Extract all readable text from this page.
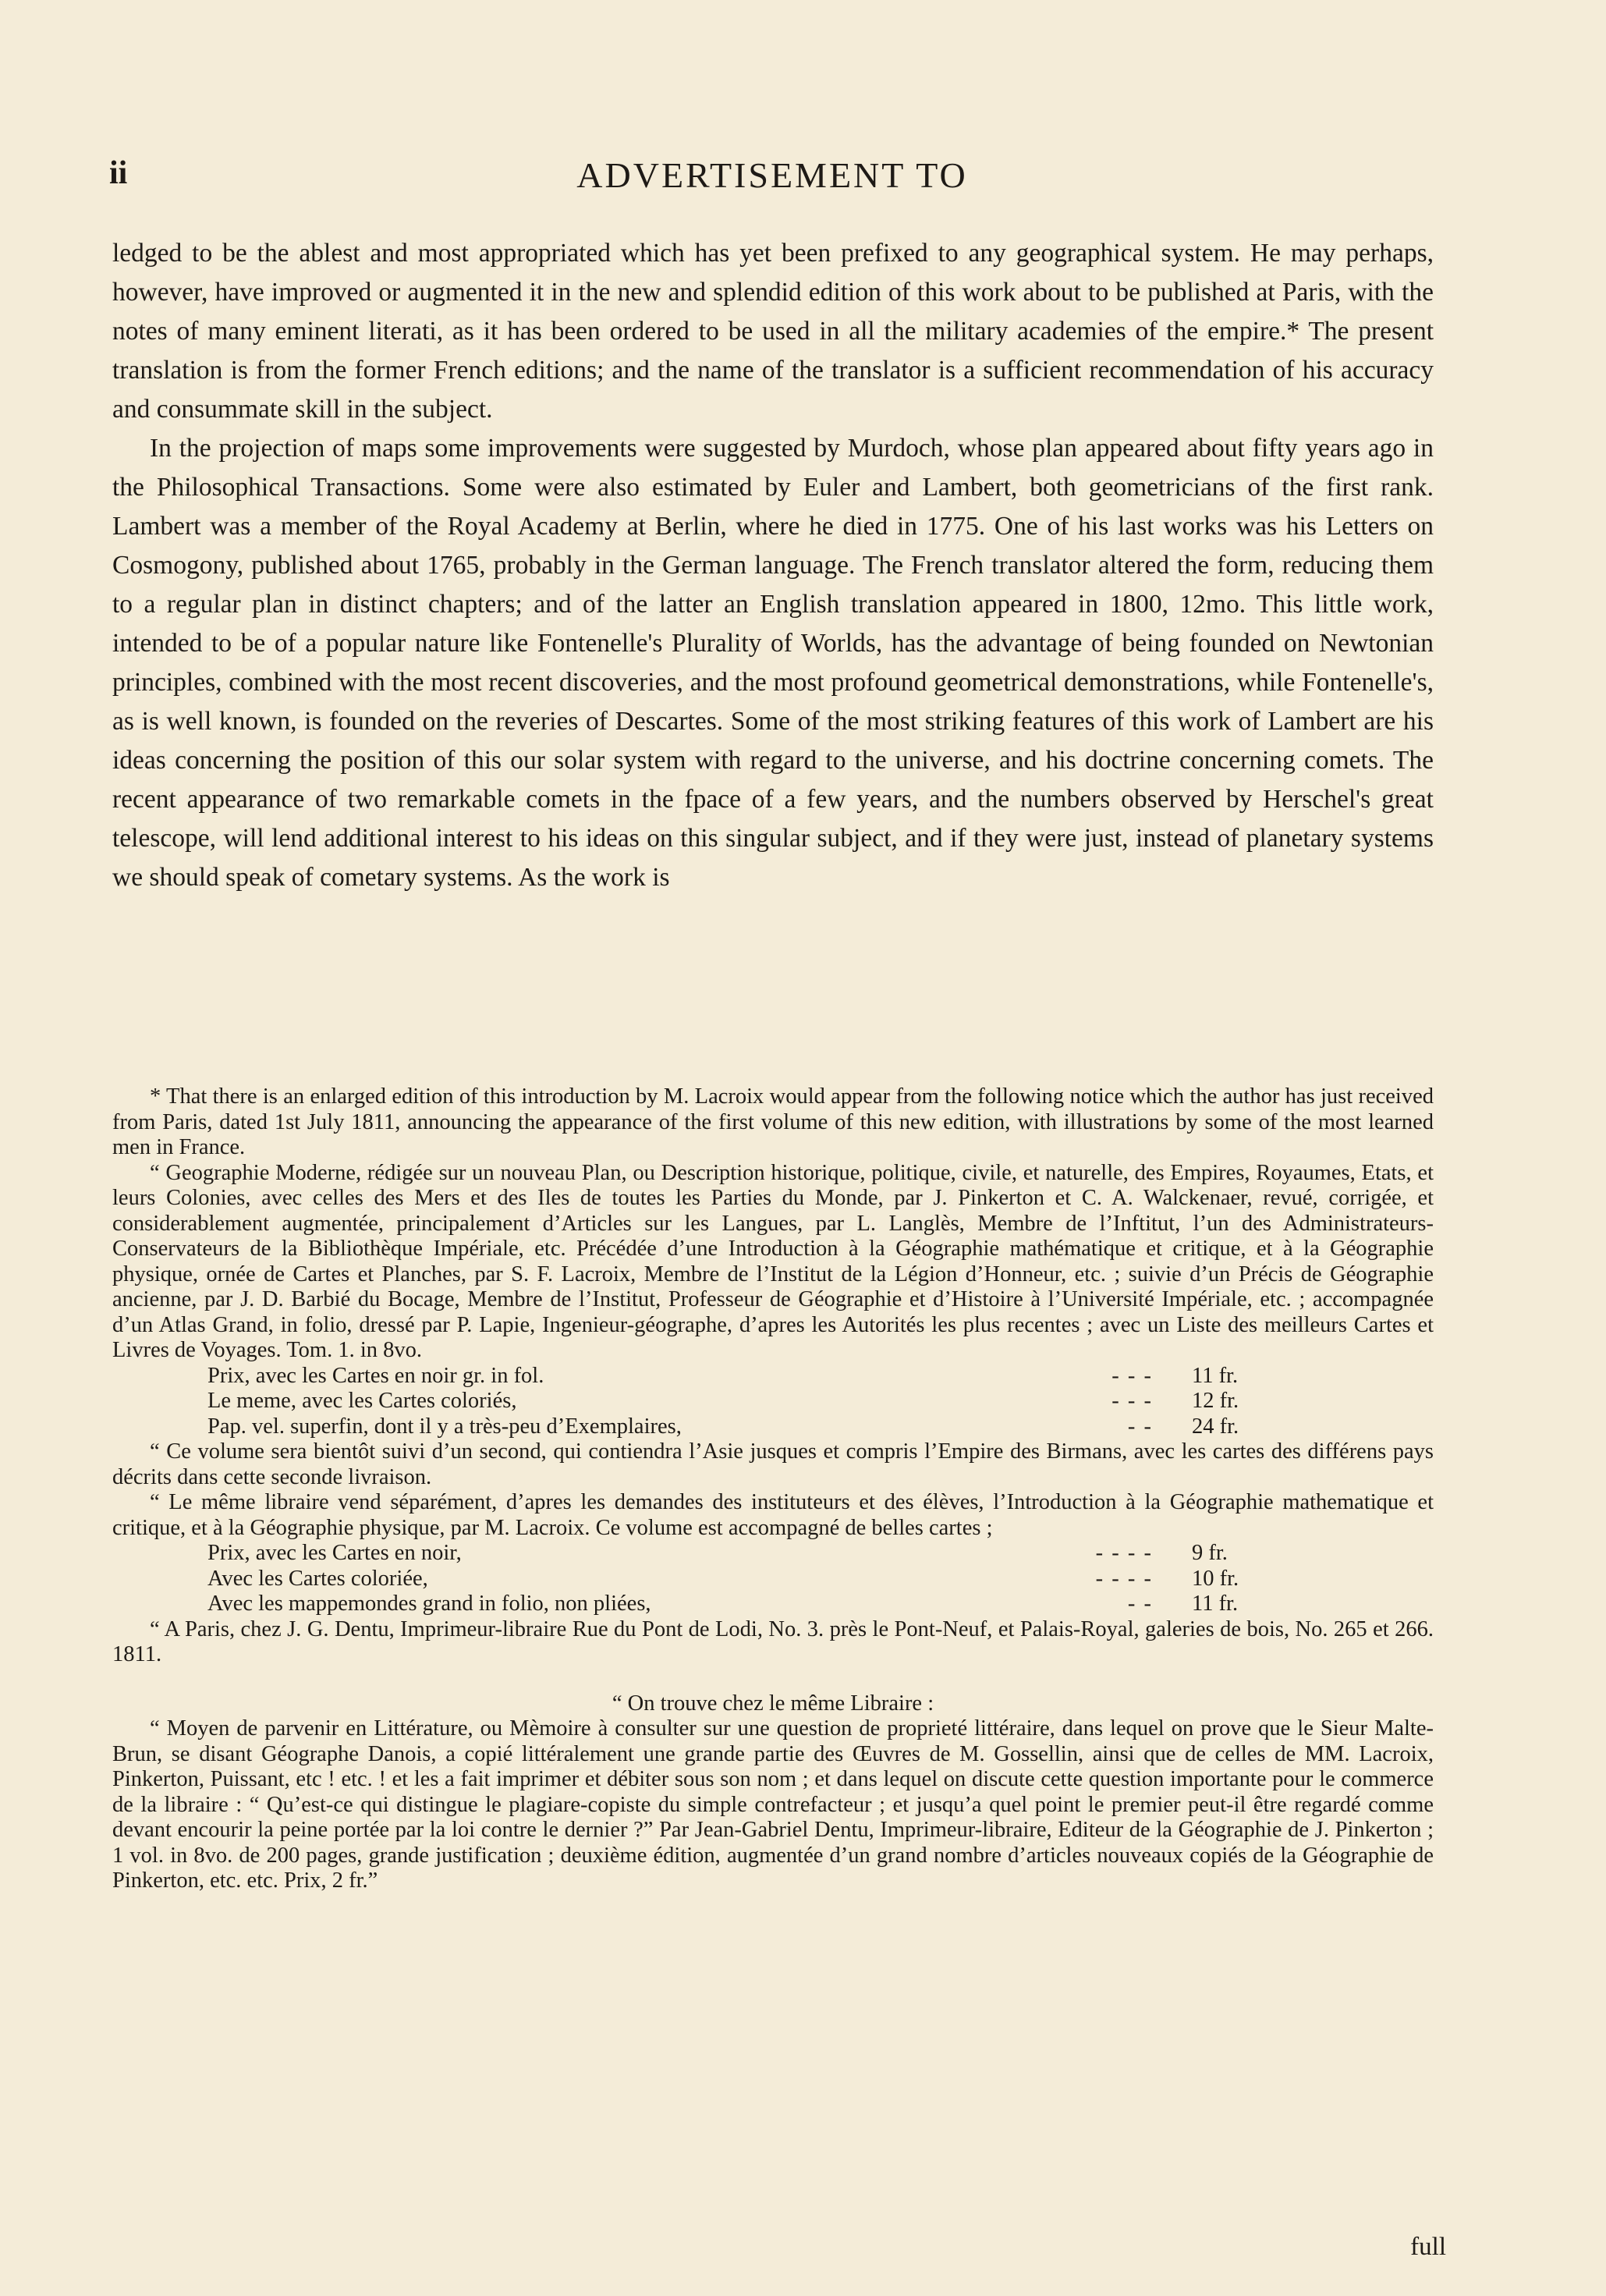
ii	ADVERTISEMENT TO

ledged to be the ablest and most appropriated which has yet been prefixed to any geographical system. He may perhaps, however, have improved or augmented it in the new and splendid edition of this work about to be published at Paris, with the notes of many eminent literati, as it has been ordered to be used in all the military academies of the empire.* The present translation is from the former French editions; and the name of the translator is a sufficient recommendation of his accuracy and consummate skill in the subject.

In the projection of maps some improvements were suggested by Murdoch, whose plan appeared about fifty years ago in the Philosophical Transactions. Some were also estimated by Euler and Lambert, both geometricians of the first rank. Lambert was a member of the Royal Academy at Berlin, where he died in 1775. One of his last works was his Letters on Cosmogony, published about 1765, probably in the German language. The French translator altered the form, reducing them to a regular plan in distinct chapters; and of the latter an English translation appeared in 1800, 12mo. This little work, intended to be of a popular nature like Fontenelle's Plurality of Worlds, has the advantage of being founded on Newtonian principles, combined with the most recent discoveries, and the most profound geometrical demonstrations, while Fontenelle's, as is well known, is founded on the reveries of Descartes. Some of the most striking features of this work of Lambert are his ideas concerning the position of this our solar system with regard to the universe, and his doctrine concerning comets. The recent appearance of two remarkable comets in the fpace of a few years, and the numbers observed by Herschel's great telescope, will lend additional interest to his ideas on this singular subject, and if they were just, instead of planetary systems we should speak of cometary systems. As the work is

* That there is an enlarged edition of this introduction by M. Lacroix would appear from the following notice which the author has just received from Paris, dated 1st July 1811, announcing the appearance of the first volume of this new edition, with illustrations by some of the most learned men in France.

“ Geographie Moderne, rédigée sur un nouveau Plan, ou Description historique, politique, civile, et naturelle, des Empires, Royaumes, Etats, et leurs Colonies, avec celles des Mers et des Iles de toutes les Parties du Monde, par J. Pinkerton et C. A. Walckenaer, revué, corrigée, et considerablement augmentée, principalement d’Articles sur les Langues, par L. Langlès, Membre de l’Inftitut, l’un des Administrateurs-Conservateurs de la Bibliothèque Impériale, etc. Précédée d’une Introduction à la Géographie mathématique et critique, et à la Géographie physique, ornée de Cartes et Planches, par S. F. Lacroix, Membre de l’Institut de la Légion d’Honneur, etc. ; suivie d’un Précis de Géographie ancienne, par J. D. Barbié du Bocage, Membre de l’Institut, Professeur de Géographie et d’Histoire à l’Université Impériale, etc. ; accompagnée d’un Atlas Grand, in folio, dressé par P. Lapie, Ingenieur-géographe, d’apres les Autorités les plus recentes ; avec un Liste des meilleurs Cartes et Livres de Voyages. Tom. 1. in 8vo.

Prix, avec les Cartes en noir gr. in fol.	- - -	11 fr.
Le meme, avec les Cartes coloriés,	- - -	12 fr.
Pap. vel. superfin, dont il y a très-peu d’Exemplaires,	- -	24 fr.

“ Ce volume sera bientôt suivi d’un second, qui contiendra l’Asie jusques et compris l’Empire des Birmans, avec les cartes des différens pays décrits dans cette seconde livraison.

“ Le même libraire vend séparément, d’apres les demandes des instituteurs et des élèves, l’Introduction à la Géographie mathematique et critique, et à la Géographie physique, par M. Lacroix. Ce volume est accompagné de belles cartes ;

Prix, avec les Cartes en noir,	- - - -	9 fr.
Avec les Cartes coloriée,	- - - -	10 fr.
Avec les mappemondes grand in folio, non pliées,	- -	11 fr.

“ A Paris, chez J. G. Dentu, Imprimeur-libraire Rue du Pont de Lodi, No. 3. près le Pont-Neuf, et Palais-Royal, galeries de bois, No. 265 et 266. 1811.

“ On trouve chez le même Libraire :

“ Moyen de parvenir en Littérature, ou Mèmoire à consulter sur une question de proprieté littéraire, dans lequel on prove que le Sieur Malte-Brun, se disant Géographe Danois, a copié littéralement une grande partie des Œuvres de M. Gossellin, ainsi que de celles de MM. Lacroix, Pinkerton, Puissant, etc ! etc. ! et les a fait imprimer et débiter sous son nom ; et dans lequel on discute cette question importante pour le commerce de la libraire : “ Qu’est-ce qui distingue le plagiare-copiste du simple contrefacteur ; et jusqu’a quel point le premier peut-il être regardé comme devant encourir la peine portée par la loi contre le dernier ?” Par Jean-Gabriel Dentu, Imprimeur-libraire, Editeur de la Géographie de J. Pinkerton ; 1 vol. in 8vo. de 200 pages, grande justification ; deuxième édition, augmentée d’un grand nombre d’articles nouveaux copiés de la Géographie de Pinkerton, etc. etc. Prix, 2 fr.”

full
